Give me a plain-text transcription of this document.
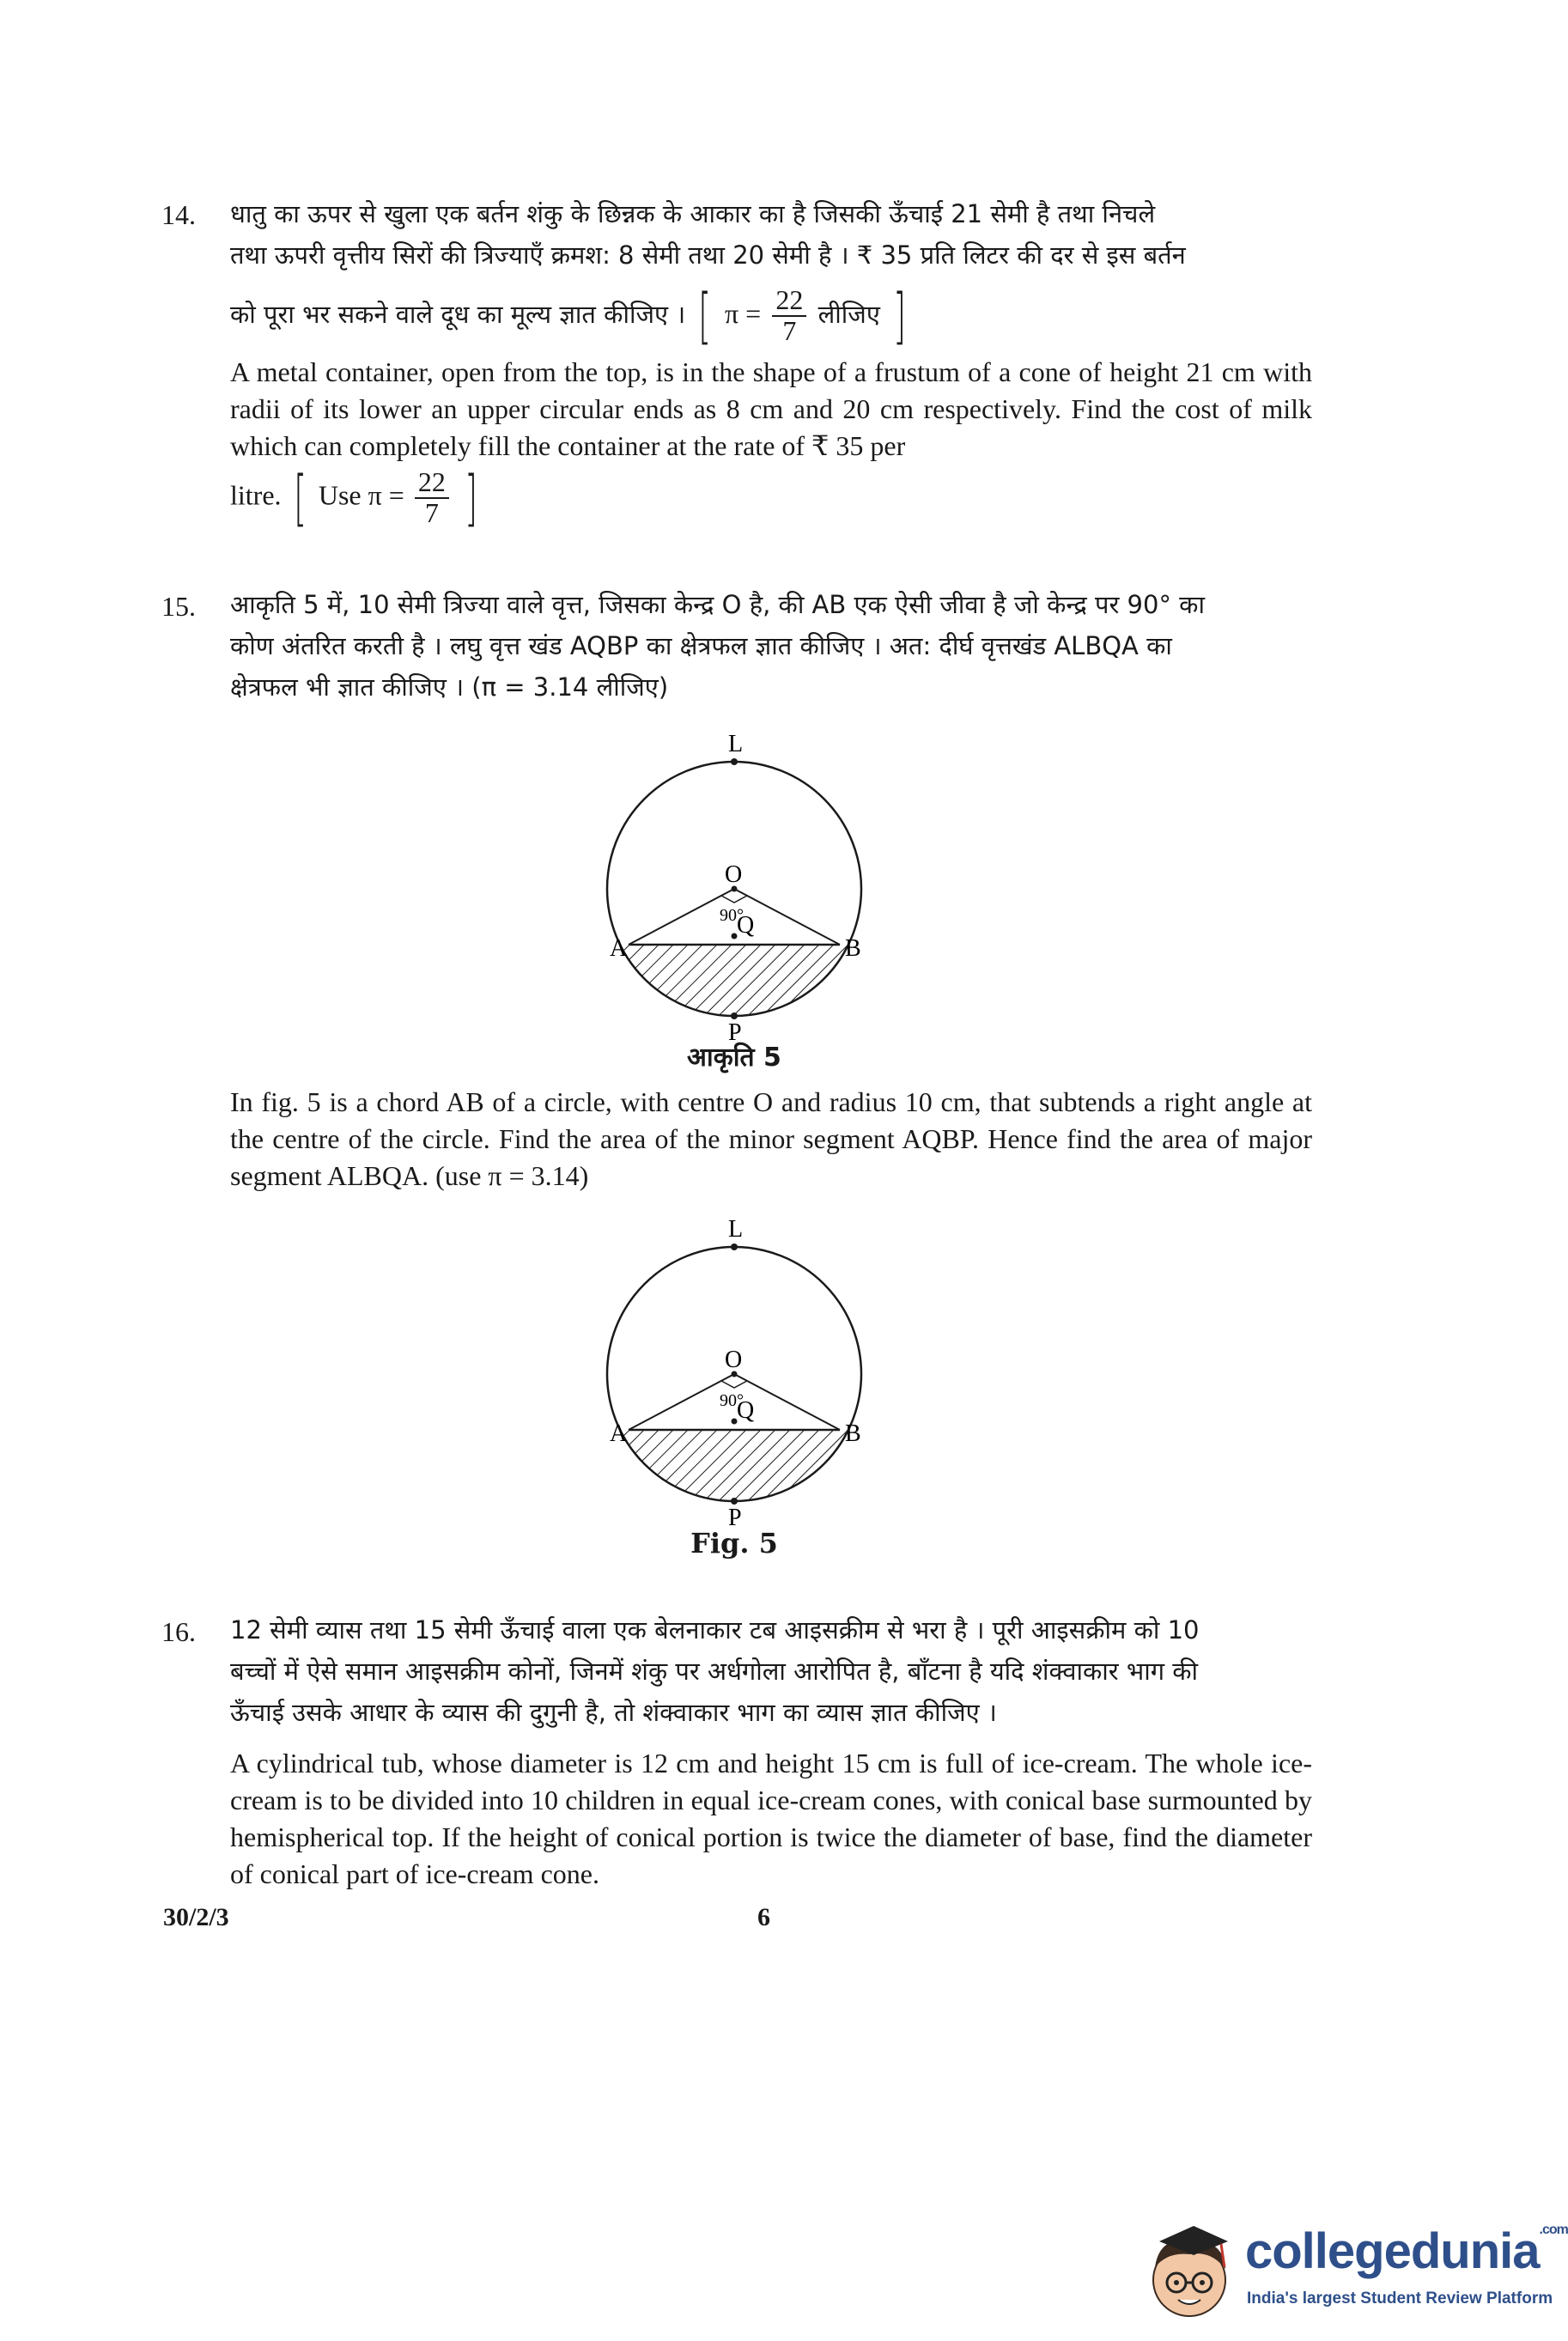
14. धातु का ऊपर से खुला एक बर्तन शंकु के छिन्नक के आकार का है जिसकी ऊँचाई 21 सेमी है तथा निचले
तथा ऊपरी वृत्तीय सिरों की त्रिज्याएँ क्रमश: 8 सेमी तथा 20 सेमी है । ₹ 35 प्रति लिटर की दर से इस बर्तन
को पूरा भर सकने वाले दूध का मूल्य ज्ञात कीजिए । [ $\pi = \frac{22}{7}$ लीजिए ]
A metal container, open from the top, is in the shape of a frustum of a cone of height 21 cm with radii of its lower an upper circular ends as 8 cm and 20 cm respectively. Find the cost of milk which can completely fill the container at the rate of ₹ 35 per
litre. [ Use $\pi = \frac{22}{7}$ ]
15. आकृति 5 में, 10 सेमी त्रिज्या वाले वृत्त, जिसका केन्द्र O है, की AB एक ऐसी जीवा है जो केन्द्र पर 90° का
कोण अंतरित करती है । लघु वृत्त खंड AQBP का क्षेत्रफल ज्ञात कीजिए । अत: दीर्घ वृत्तखंड ALBQA का
क्षेत्रफल भी ज्ञात कीजिए । (π = 3.14 लीजिए)
L
O
90°
Q
A	B
P
आकृति 5
In fig. 5 is a chord AB of a circle, with centre O and radius 10 cm, that subtends a right angle at the centre of the circle. Find the area of the minor segment AQBP. Hence find the area of major segment ALBQA. (use π = 3.14)
L
O
90°
Q
A	B
P
Fig. 5
16. 12 सेमी व्यास तथा 15 सेमी ऊँचाई वाला एक बेलनाकार टब आइसक्रीम से भरा है । पूरी आइसक्रीम को 10
बच्चों में ऐसे समान आइसक्रीम कोनों, जिनमें शंकु पर अर्धगोला आरोपित है, बाँटना है यदि शंक्वाकार भाग की
ऊँचाई उसके आधार के व्यास की दुगुनी है, तो शंक्वाकार भाग का व्यास ज्ञात कीजिए ।
A cylindrical tub, whose diameter is 12 cm and height 15 cm is full of ice-cream. The whole ice-cream is to be divided into 10 children in equal ice-cream cones, with conical base surmounted by hemispherical top. If the height of conical portion is twice the diameter of base, find the diameter of conical part of ice-cream cone.
30/2/3	6
collegedunia$^{.com}$
India's largest Student Review Platform
